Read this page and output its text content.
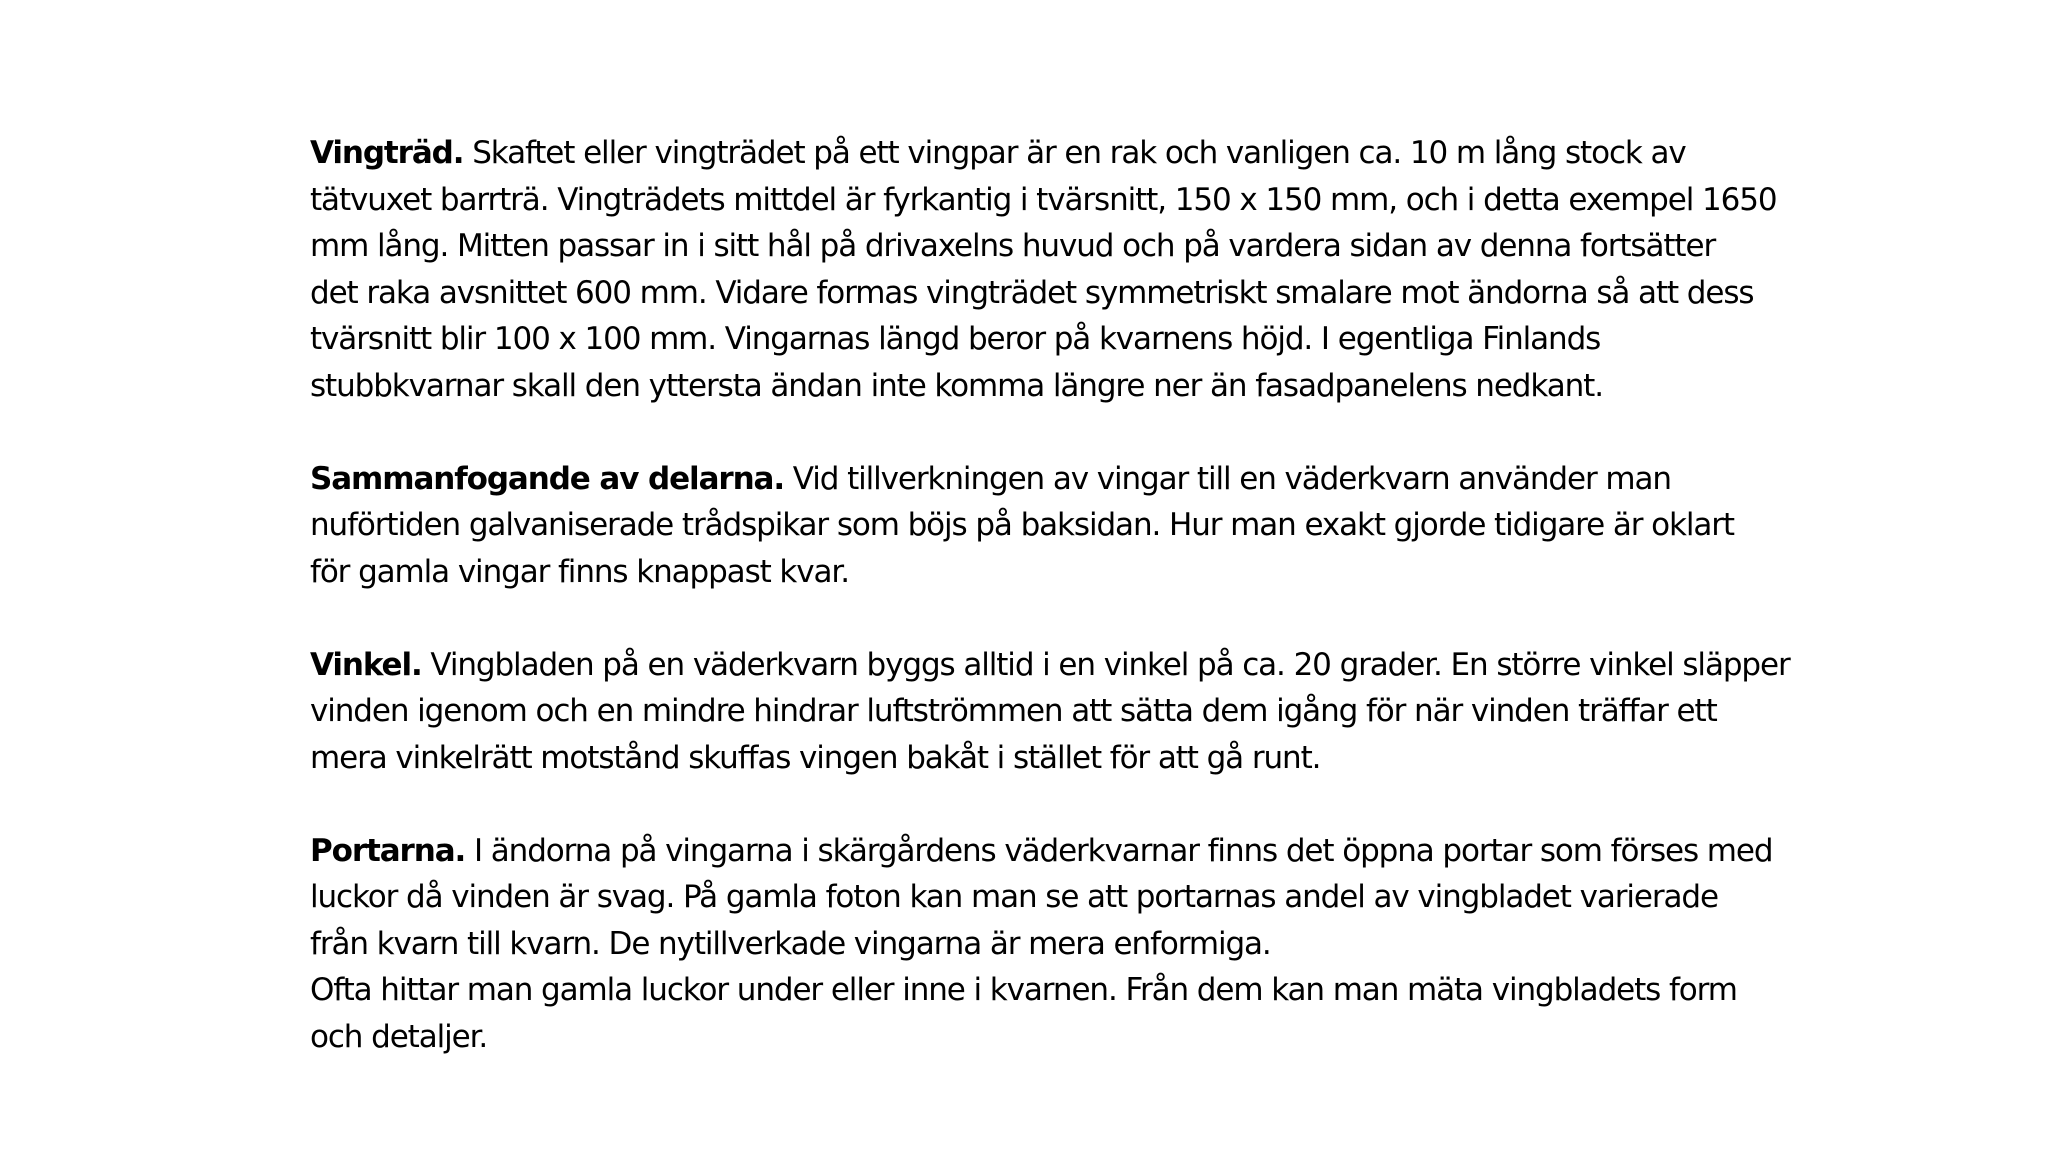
Vingträd. Skaftet eller vingträdet på ett vingpar är en rak och vanligen ca. 10 m lång stock av
tätvuxet barrträ. Vingträdets mittdel är fyrkantig i tvärsnitt, 150 x 150 mm, och i detta exempel 1650
mm lång. Mitten passar in i sitt hål på drivaxelns huvud och på vardera sidan av denna fortsätter
det raka avsnittet 600 mm. Vidare formas vingträdet symmetriskt smalare mot ändorna så att dess
tvärsnitt blir 100 x 100 mm. Vingarnas längd beror på kvarnens höjd. I egentliga Finlands
stubbkvarnar skall den yttersta ändan inte komma längre ner än fasadpanelens nedkant.
Sammanfogande av delarna. Vid tillverkningen av vingar till en väderkvarn använder man
nuförtiden galvaniserade trådspikar som böjs på baksidan. Hur man exakt gjorde tidigare är oklart
för gamla vingar finns knappast kvar.
Vinkel. Vingbladen på en väderkvarn byggs alltid i en vinkel på ca. 20 grader. En större vinkel släpper
vinden igenom och en mindre hindrar luftströmmen att sätta dem igång för när vinden träffar ett
mera vinkelrätt motstånd skuffas vingen bakåt i stället för att gå runt.
Portarna. I ändorna på vingarna i skärgårdens väderkvarnar finns det öppna portar som förses med
luckor då vinden är svag. På gamla foton kan man se att portarnas andel av vingbladet varierade
från kvarn till kvarn. De nytillverkade vingarna är mera enformiga.
Ofta hittar man gamla luckor under eller inne i kvarnen. Från dem kan man mäta vingbladets form
och detaljer.
